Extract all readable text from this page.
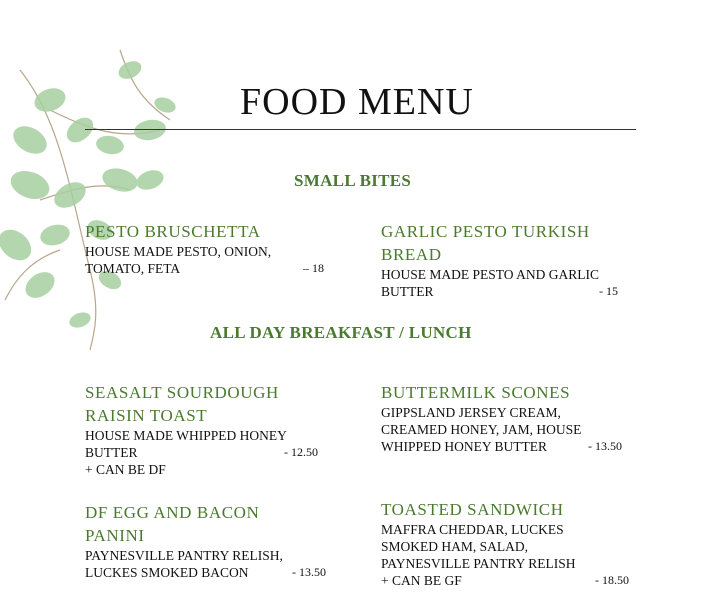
FOOD MENU
SMALL BITES
PESTO BRUSCHETTA
HOUSE MADE PESTO, ONION,
TOMATO, FETA	– 18
GARLIC PESTO TURKISH
BREAD
HOUSE MADE PESTO AND GARLIC
BUTTER	- 15
ALL DAY BREAKFAST / LUNCH
SEASALT SOURDOUGH
RAISIN TOAST
HOUSE MADE WHIPPED HONEY
BUTTER	- 12.50
+ CAN BE DF
BUTTERMILK SCONES
GIPPSLAND JERSEY CREAM,
CREAMED HONEY, JAM, HOUSE
WHIPPED HONEY BUTTER	- 13.50
DF EGG AND BACON
PANINI
PAYNESVILLE PANTRY RELISH,
LUCKES SMOKED BACON	- 13.50
TOASTED SANDWICH
MAFFRA CHEDDAR, LUCKES
SMOKED HAM, SALAD,
PAYNESVILLE PANTRY RELISH
+ CAN BE GF	- 18.50
